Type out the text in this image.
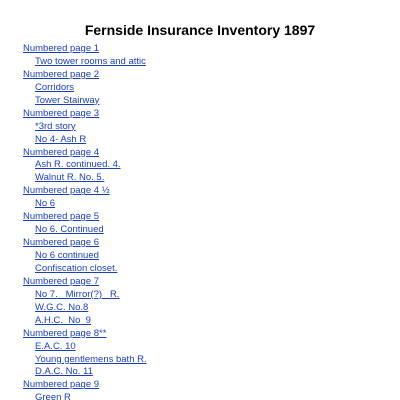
Fernside Insurance Inventory 1897
Numbered page 1
Two tower rooms and attic
Numbered page 2
Corridors
Tower Stairway
Numbered page 3
*3rd story
No 4- Ash R
Numbered page 4
Ash R. continued. 4.
Walnut R. No. 5.
Numbered page 4 ½
No 6
Numbered page 5
No 6. Continued
Numbered page 6
No 6 continued
Confiscation closet.
Numbered page 7
No 7.   Mirror(?)   R.
W.G.C. No.8
A.H.C.  No  9
Numbered page 8**
E.A.C. 10
Young gentlemens bath R.
D.A.C. No. 11
Numbered page 9
Green R
